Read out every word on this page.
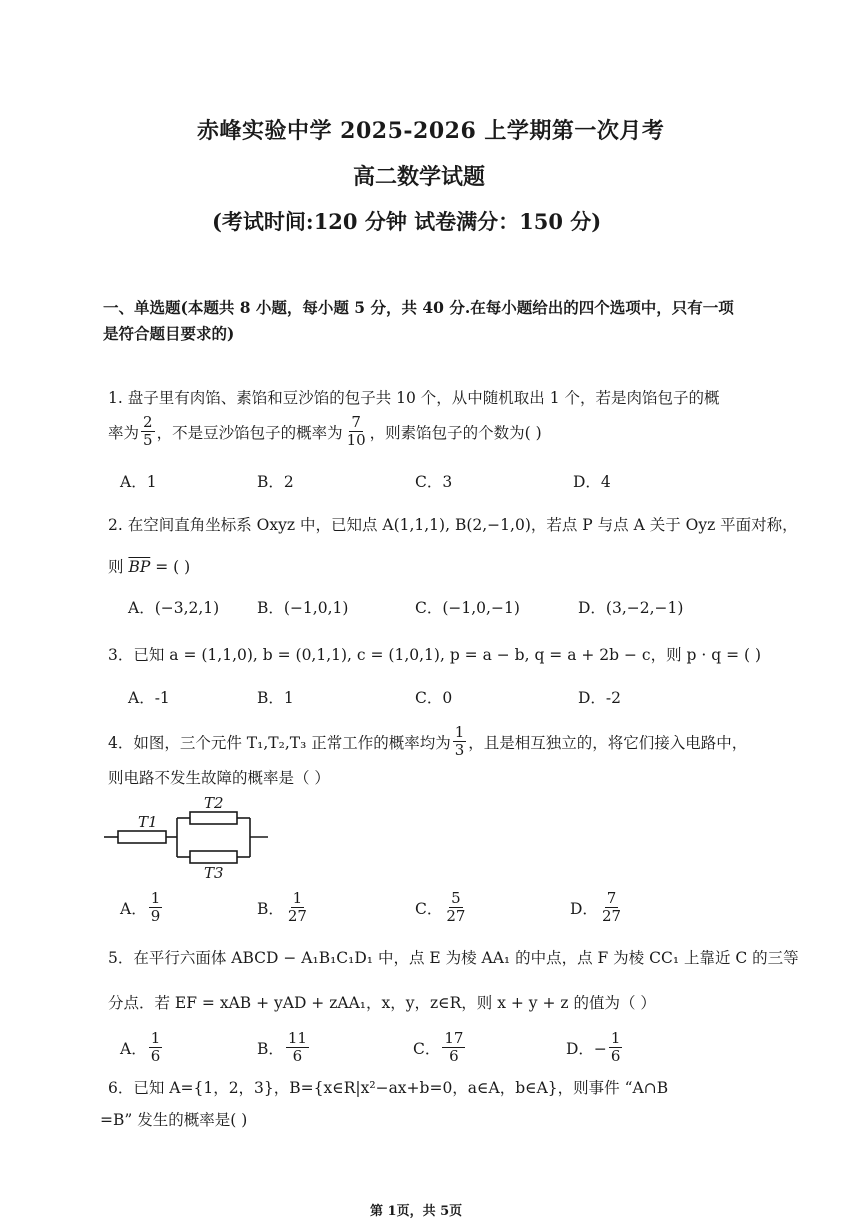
赤峰实验中学 2025-2026 上学期第一次月考
高二数学试题
(考试时间:120 分钟 试卷满分：150 分)
一、单选题(本题共 8 小题，每小题 5 分，共 40 分.在每小题给出的四个选项中，只有一项
是符合题目要求的)
1. 盘子里有肉馅、素馅和豆沙馅的包子共 10 个，从中随机取出 1 个，若是肉馅包子的概
率为 $\frac{2}{5}$ ，不是豆沙馅包子的概率为 $\frac{7}{10}$ ，则素馅包子的个数为( )
A．1	B．2	C．3	D．4
2. 在空间直角坐标系 Oxyz 中，已知点 A(1,1,1), B(2,−1,0)，若点 P 与点 A 关于 Oyz 平面对称，
则 $\overline{BP}$ = ( )
A．(−3,2,1) B．(−1,0,1)	C．(−1,0,−1)	D．(3,−2,−1)
3．已知 a = (1,1,0), b = (0,1,1), c = (1,0,1), p = a − b, q = a + 2b − c，则 p · q = ( )
A．-1	B．1	C．0	D．-2
4．如图，三个元件 T₁,T₂,T₃ 正常工作的概率均为 $\frac{1}{3}$ ，且是相互独立的，将它们接入电路中，
则电路不发生故障的概率是（ ）
T1
T2
T3
A． $\frac{1}{9}$	B． $\frac{1}{27}$	C． $\frac{5}{27}$	D． $\frac{7}{27}$
5．在平行六面体 ABCD − A₁B₁C₁D₁ 中，点 E 为棱 AA₁ 的中点，点 F 为棱 CC₁ 上靠近 C 的三等
分点．若 EF = xAB + yAD + zAA₁，x，y，z∈R，则 x + y + z 的值为（ ）
A． $\frac{1}{6}$	B． $\frac{11}{6}$	C． $\frac{17}{6}$	D．− $\frac{1}{6}$
6．已知 A={1，2，3}，B={x∈R|x²−ax+b=0，a∈A，b∈A}，则事件 “A∩B
=B” 发生的概率是( )
第 1页，共 5页
